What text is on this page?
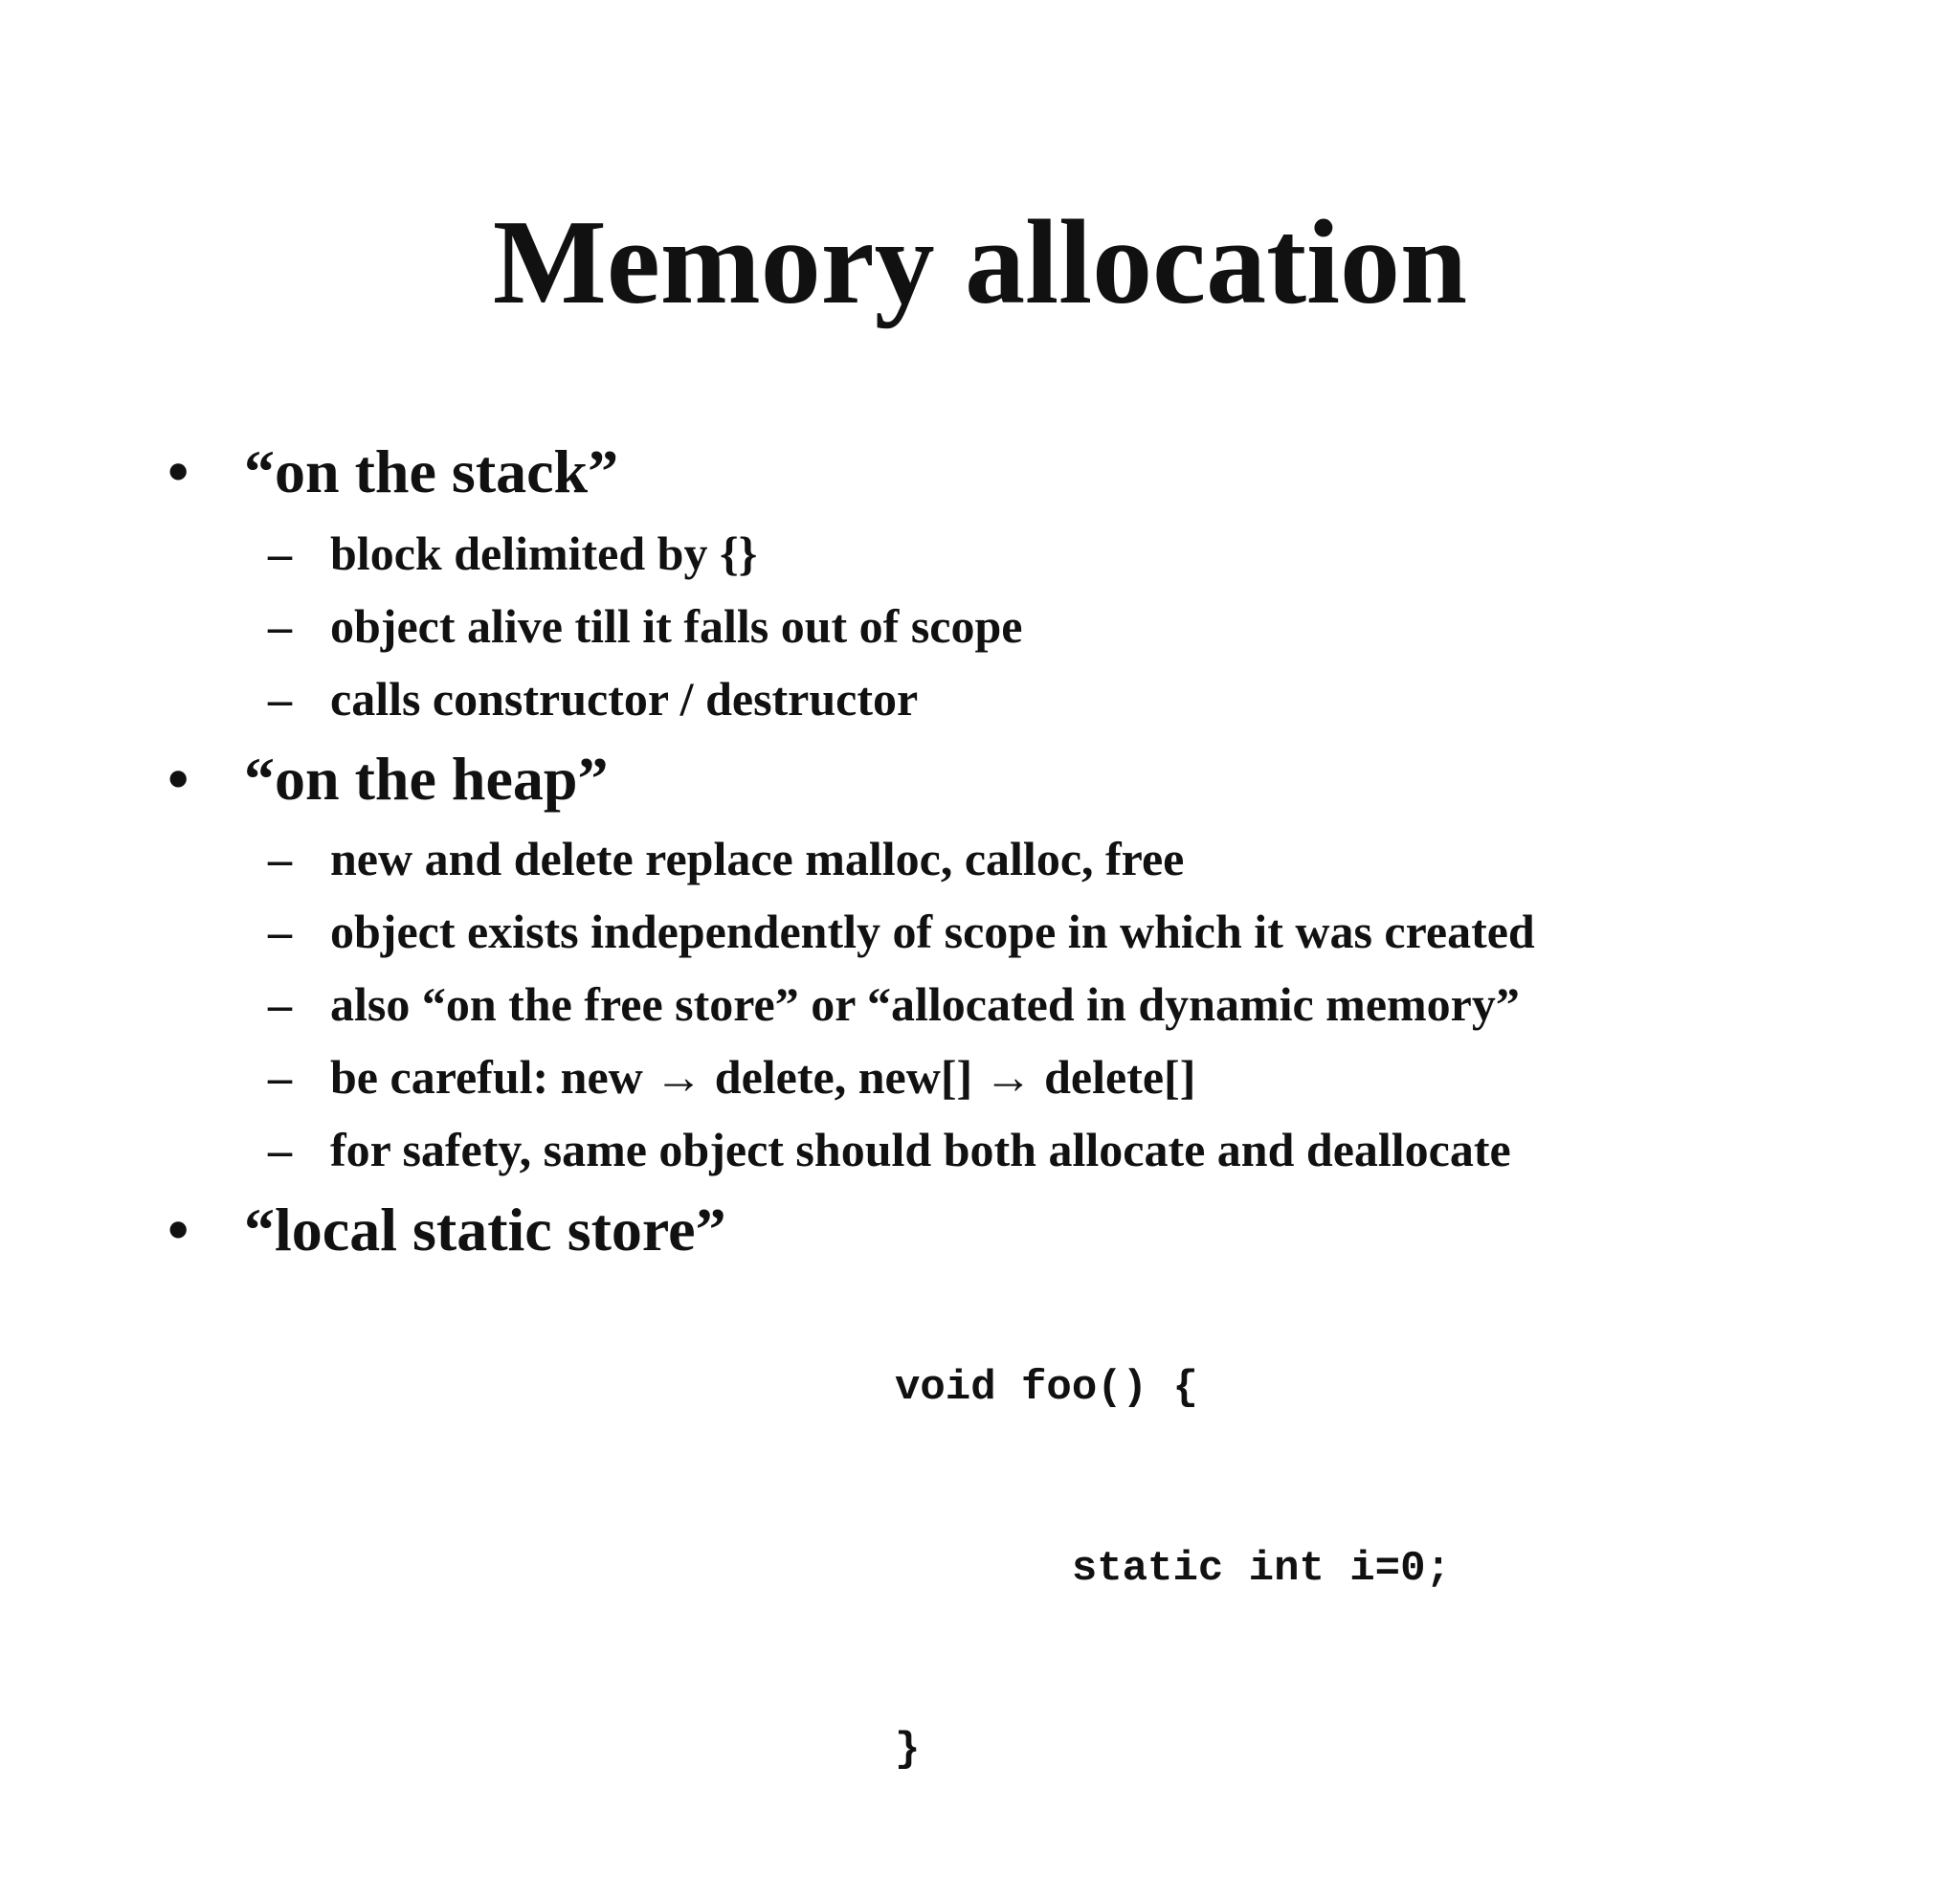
Memory allocation
• “on the stack”
– block delimited by {}
– object alive till it falls out of scope
– calls constructor / destructor
• “on the heap”
– new and delete replace malloc, calloc, free
– object exists independently of scope in which it was created
– also “on the free store” or “allocated in dynamic memory”
– be careful: new → delete, new[] → delete[]
– for safety, same object should both allocate and deallocate
• “local static store”

void foo() {

static int i=0;

}
